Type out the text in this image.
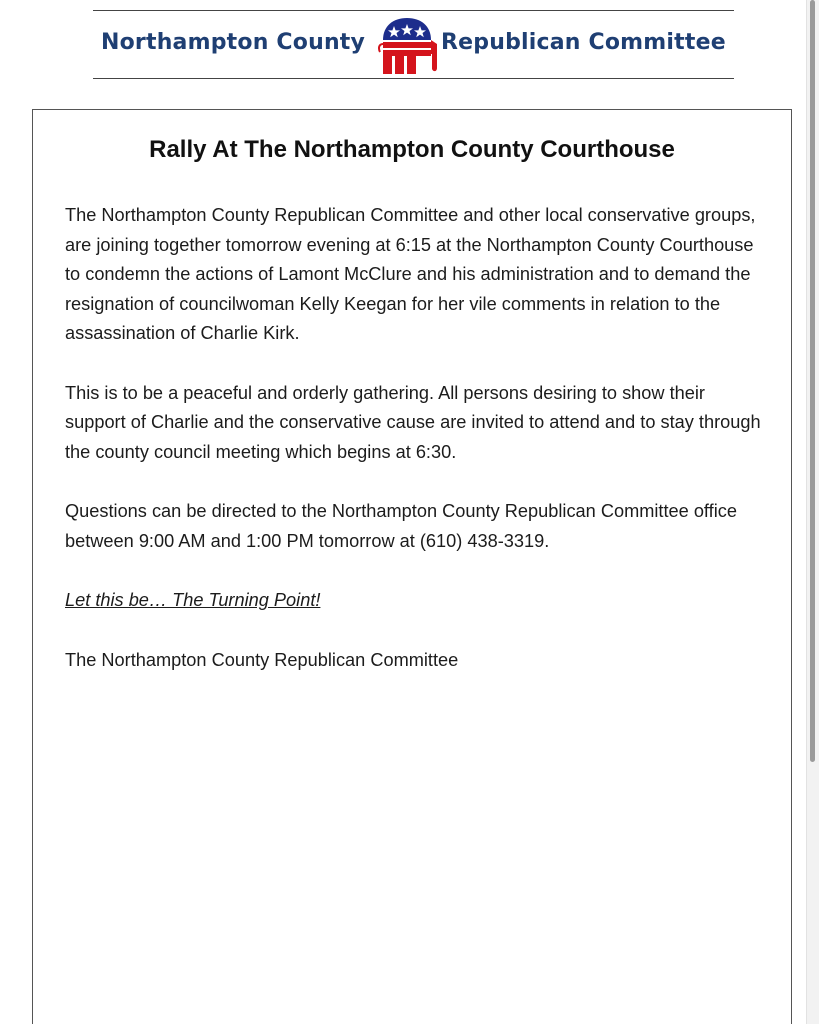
Northampton County	Republican Committee
Rally At The Northampton County Courthouse

The Northampton County Republican Committee and other local conservative groups, are joining together tomorrow evening at 6:15 at the Northampton County Courthouse to condemn the actions of Lamont McClure and his administration and to demand the resignation of councilwoman Kelly Keegan for her vile comments in relation to the assassination of Charlie Kirk.

This is to be a peaceful and orderly gathering. All persons desiring to show their support of Charlie and the conservative cause are invited to attend and to stay through the county council meeting which begins at 6:30.

Questions can be directed to the Northampton County Republican Committee office between 9:00 AM and 1:00 PM tomorrow at (610) 438-3319.

Let this be… The Turning Point!

The Northampton County Republican Committee
